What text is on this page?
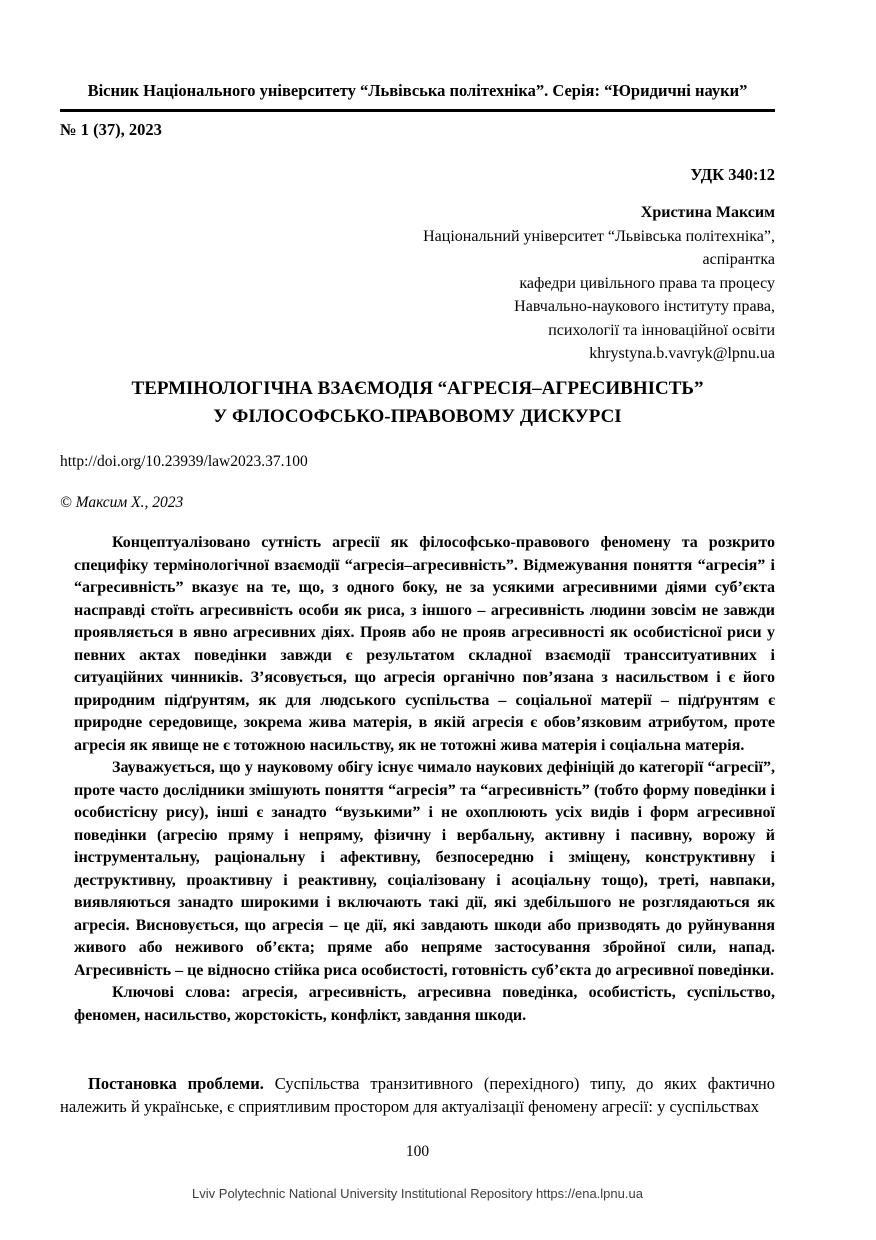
Вісник Національного університету “Львівська політехніка”. Серія: “Юридичні науки”
№ 1 (37), 2023
УДК 340:12
Христина Максим
Національний університет “Львівська політехніка”,
аспірантка
кафедри цивільного права та процесу
Навчально-наукового інституту права,
психології та інноваційної освіти
khrystyna.b.vavryk@lpnu.ua
ТЕРМІНОЛОГІЧНА ВЗАЄМОДІЯ “АГРЕСІЯ–АГРЕСИВНІСТЬ”
У ФІЛОСОФСЬКО-ПРАВОВОМУ ДИСКУРСІ
http://doi.org/10.23939/law2023.37.100
© Максим Х., 2023

Концептуалізовано сутність агресії як філософсько-правового феномену та розкрито специфіку термінологічної взаємодії “агресія–агресивність”. Відмежування поняття “агресія” і “агресивність” вказує на те, що, з одного боку, не за усякими агресивними діями суб’єкта насправді стоїть агресивність особи як риса, з іншого – агресивність людини зовсім не завжди проявляється в явно агресивних діях. Прояв або не прояв агресивності як особистісної риси у певних актах поведінки завжди є результатом складної взаємодії трансситуативних і ситуаційних чинників. З’ясовується, що агресія органічно пов’язана з насильством і є його природним підґрунтям, як для людського суспільства – соціальної матерії – підґрунтям є природне середовище, зокрема жива матерія, в якій агресія є обов’язковим атрибутом, проте агресія як явище не є тотожною насильству, як не тотожні жива матерія і соціальна матерія.

Зауважується, що у науковому обігу існує чимало наукових дефініцій до категорії “агресії”, проте часто дослідники змішують поняття “агресія” та “агресивність” (тобто форму поведінки і особистісну рису), інші є занадто “вузькими” і не охоплюють усіх видів і форм агресивної поведінки (агресію пряму і непряму, фізичну і вербальну, активну і пасивну, ворожу й інструментальну, раціональну і афективну, безпосередню і зміщену, конструктивну і деструктивну, проактивну і реактивну, соціалізовану і асоціальну тощо), треті, навпаки, виявляються занадто широкими і включають такі дії, які здебільшого не розглядаються як агресія. Висновується, що агресія – це дії, які завдають шкоди або призводять до руйнування живого або неживого об’єкта; пряме або непряме застосування збройної сили, напад. Агресивність – це відносно стійка риса особистості, готовність суб’єкта до агресивної поведінки.

Ключові слова: агресія, агресивність, агресивна поведінка, особистість, суспільство, феномен, насильство, жорстокість, конфлікт, завдання шкоди.

Постановка проблеми. Суспільства транзитивного (перехідного) типу, до яких фактично належить й українське, є сприятливим простором для актуалізації феномену агресії: у суспільствах

100
Lviv Polytechnic National University Institutional Repository https://ena.lpnu.ua
